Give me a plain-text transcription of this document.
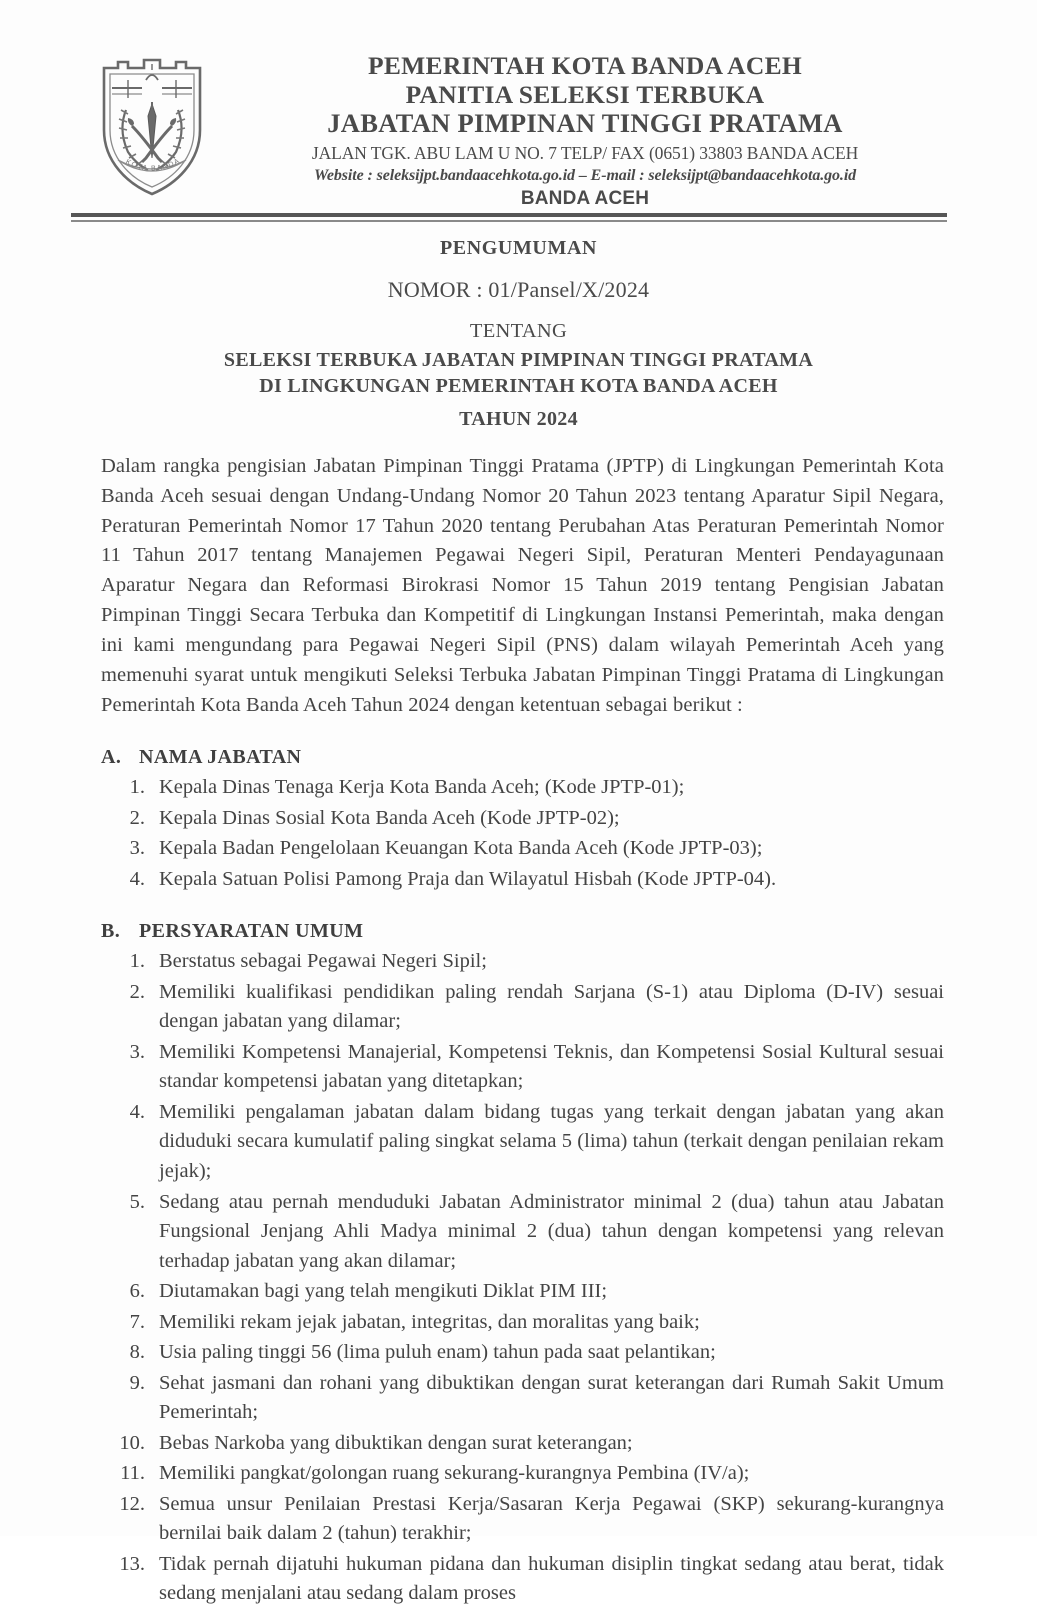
KOTA BANDA
PEMERINTAH KOTA BANDA ACEH
PANITIA SELEKSI TERBUKA
JABATAN PIMPINAN TINGGI PRATAMA
JALAN TGK. ABU LAM U NO. 7 TELP/ FAX (0651) 33803 BANDA ACEH
Website : seleksijpt.bandaacehkota.go.id – E-mail : seleksijpt@bandaacehkota.go.id
BANDA ACEH
PENGUMUMAN
NOMOR : 01/Pansel/X/2024
TENTANG
SELEKSI TERBUKA JABATAN PIMPINAN TINGGI PRATAMA
DI LINGKUNGAN PEMERINTAH KOTA BANDA ACEH
TAHUN 2024

Dalam rangka pengisian Jabatan Pimpinan Tinggi Pratama (JPTP) di Lingkungan Pemerintah Kota Banda Aceh sesuai dengan Undang-Undang Nomor 20 Tahun 2023 tentang Aparatur Sipil Negara, Peraturan Pemerintah Nomor 17 Tahun 2020 tentang Perubahan Atas Peraturan Pemerintah Nomor 11 Tahun 2017 tentang Manajemen Pegawai Negeri Sipil, Peraturan Menteri Pendayagunaan Aparatur Negara dan Reformasi Birokrasi Nomor 15 Tahun 2019 tentang Pengisian Jabatan Pimpinan Tinggi Secara Terbuka dan Kompetitif di Lingkungan Instansi Pemerintah, maka dengan ini kami mengundang para Pegawai Negeri Sipil (PNS) dalam wilayah Pemerintah Aceh yang memenuhi syarat untuk mengikuti Seleksi Terbuka Jabatan Pimpinan Tinggi Pratama di Lingkungan Pemerintah Kota Banda Aceh Tahun 2024 dengan ketentuan sebagai berikut :

A. NAMA JABATAN
1. Kepala Dinas Tenaga Kerja Kota Banda Aceh; (Kode JPTP-01);
2. Kepala Dinas Sosial Kota Banda Aceh (Kode JPTP-02);
3. Kepala Badan Pengelolaan Keuangan Kota Banda Aceh (Kode JPTP-03);
4. Kepala Satuan Polisi Pamong Praja dan Wilayatul Hisbah (Kode JPTP-04).
B. PERSYARATAN UMUM
1. Berstatus sebagai Pegawai Negeri Sipil;
2. Memiliki kualifikasi pendidikan paling rendah Sarjana (S-1) atau Diploma (D-IV) sesuai dengan jabatan yang dilamar;
3. Memiliki Kompetensi Manajerial, Kompetensi Teknis, dan Kompetensi Sosial Kultural sesuai standar kompetensi jabatan yang ditetapkan;
4. Memiliki pengalaman jabatan dalam bidang tugas yang terkait dengan jabatan yang akan diduduki secara kumulatif paling singkat selama 5 (lima) tahun (terkait dengan penilaian rekam jejak);
5. Sedang atau pernah menduduki Jabatan Administrator minimal 2 (dua) tahun atau Jabatan Fungsional Jenjang Ahli Madya minimal 2 (dua) tahun dengan kompetensi yang relevan terhadap jabatan yang akan dilamar;
6. Diutamakan bagi yang telah mengikuti Diklat PIM III;
7. Memiliki rekam jejak jabatan, integritas, dan moralitas yang baik;
8. Usia paling tinggi 56 (lima puluh enam) tahun pada saat pelantikan;
9. Sehat jasmani dan rohani yang dibuktikan dengan surat keterangan dari Rumah Sakit Umum Pemerintah;
10. Bebas Narkoba yang dibuktikan dengan surat keterangan;
11. Memiliki pangkat/golongan ruang sekurang-kurangnya Pembina (IV/a);
12. Semua unsur Penilaian Prestasi Kerja/Sasaran Kerja Pegawai (SKP) sekurang-kurangnya bernilai baik dalam 2 (tahun) terakhir;
13. Tidak pernah dijatuhi hukuman pidana dan hukuman disiplin tingkat sedang atau berat, tidak sedang menjalani atau sedang dalam proses
